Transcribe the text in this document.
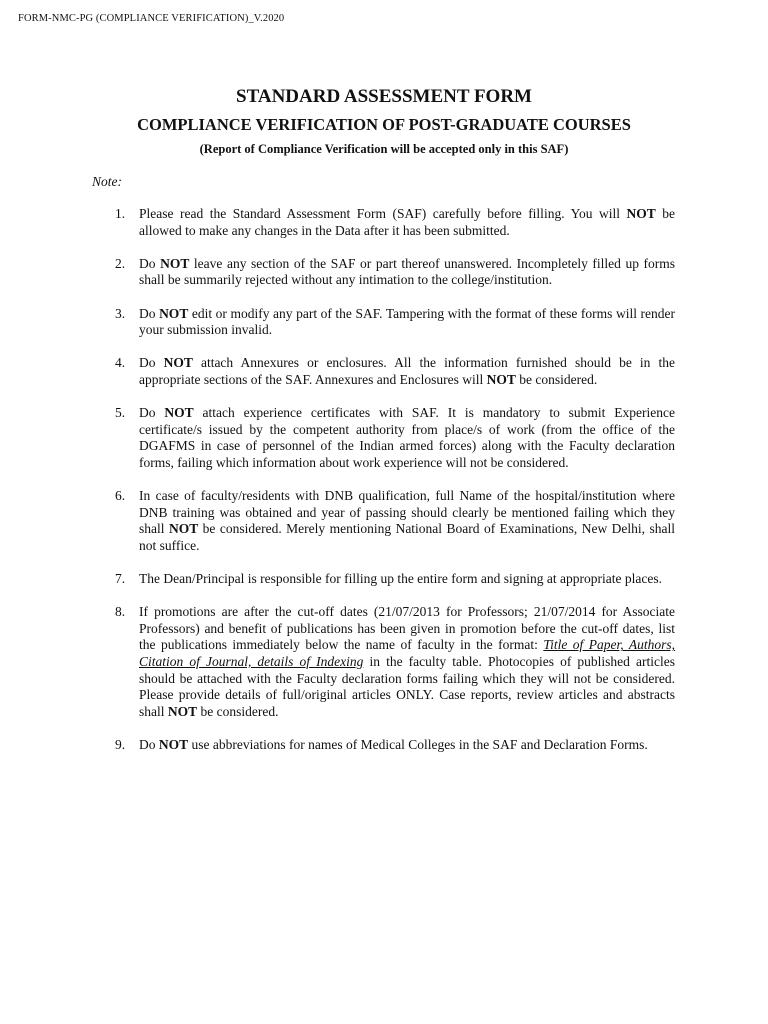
FORM-NMC-PG (COMPLIANCE VERIFICATION)_V.2020
STANDARD ASSESSMENT FORM
COMPLIANCE VERIFICATION OF POST-GRADUATE COURSES
(Report of Compliance Verification will be accepted only in this SAF)
Note:
1.	Please read the Standard Assessment Form (SAF) carefully before filling. You will NOT be allowed to make any changes in the Data after it has been submitted.
2.	Do NOT leave any section of the SAF or part thereof unanswered. Incompletely filled up forms shall be summarily rejected without any intimation to the college/institution.
3.	Do NOT edit or modify any part of the SAF. Tampering with the format of these forms will render your submission invalid.
4.	Do NOT attach Annexures or enclosures. All the information furnished should be in the appropriate sections of the SAF. Annexures and Enclosures will NOT be considered.
5.	Do NOT attach experience certificates with SAF. It is mandatory to submit Experience certificate/s issued by the competent authority from place/s of work (from the office of the DGAFMS in case of personnel of the Indian armed forces) along with the Faculty declaration forms, failing which information about work experience will not be considered.
6.	In case of faculty/residents with DNB qualification, full Name of the hospital/institution where DNB training was obtained and year of passing should clearly be mentioned failing which they shall NOT be considered. Merely mentioning National Board of Examinations, New Delhi, shall not suffice.
7.	The Dean/Principal is responsible for filling up the entire form and signing at appropriate places.
8.	If promotions are after the cut-off dates (21/07/2013 for Professors; 21/07/2014 for Associate Professors) and benefit of publications has been given in promotion before the cut-off dates, list the publications immediately below the name of faculty in the format: Title of Paper, Authors, Citation of Journal, details of Indexing in the faculty table. Photocopies of published articles should be attached with the Faculty declaration forms failing which they will not be considered. Please provide details of full/original articles ONLY. Case reports, review articles and abstracts shall NOT be considered.
9.	Do NOT use abbreviations for names of Medical Colleges in the SAF and Declaration Forms.
